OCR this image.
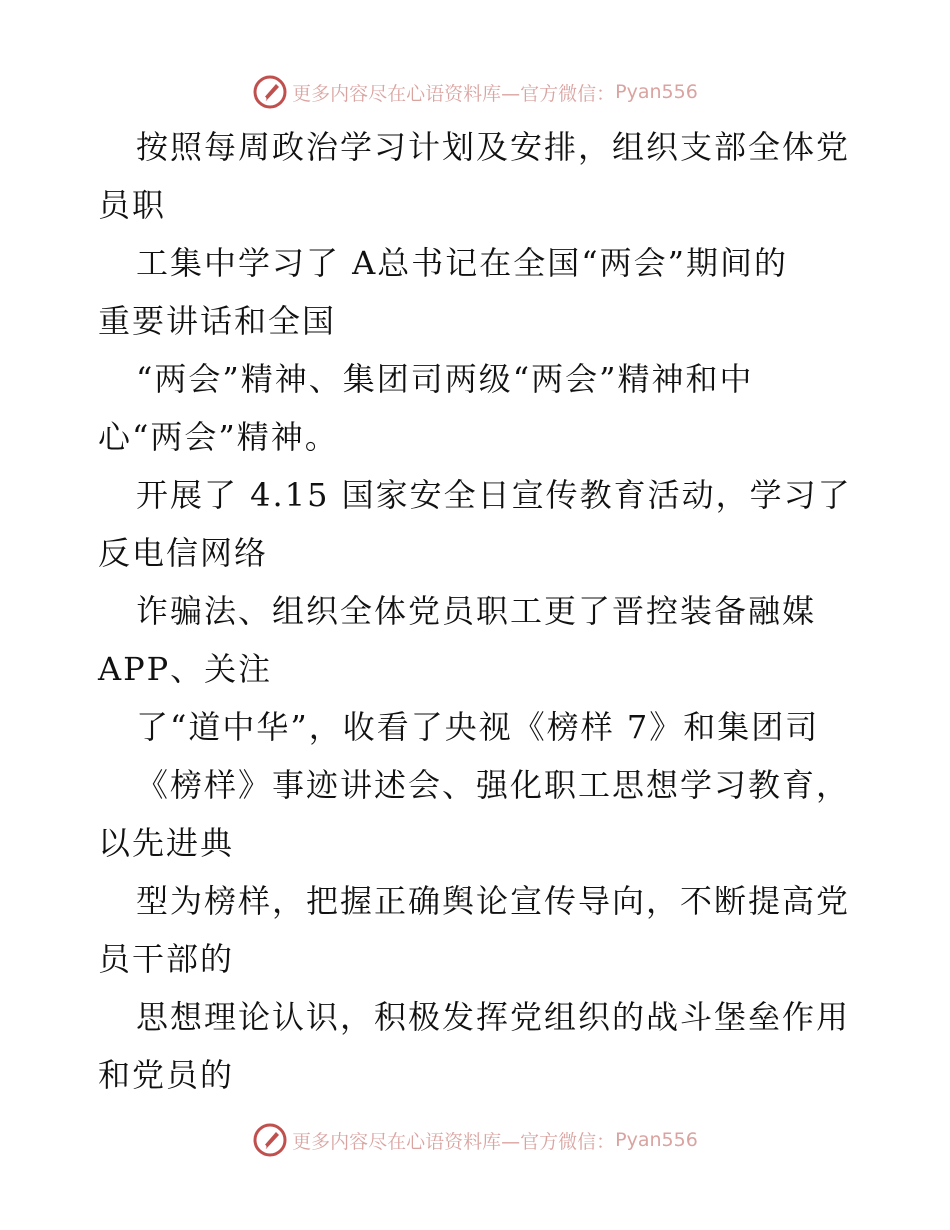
更多内容尽在心语资料库—官方微信： Pyan556
按照每周政治学习计划及安排，组织支部全体党
员职
工集中学习了 A总书记在全国“两会”期间的
重要讲话和全国
“两会”精神、集团司两级“两会”精神和中
心“两会”精神。
开展了 4.15 国家安全日宣传教育活动，学习了
反电信网络
诈骗法、组织全体党员职工更了晋控装备融媒
APP、关注
了“道中华”，收看了央视《榜样 7》和集团司
《榜样》事迹讲述会、强化职工思想学习教育，
以先进典
型为榜样，把握正确舆论宣传导向，不断提高党
员干部的
思想理论认识，积极发挥党组织的战斗堡垒作用
和党员的
更多内容尽在心语资料库—官方微信： Pyan556
